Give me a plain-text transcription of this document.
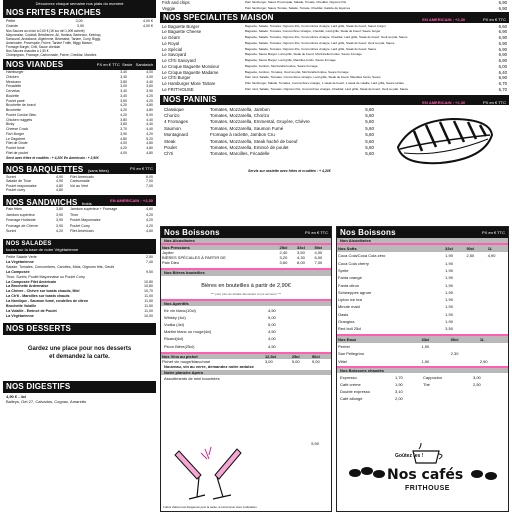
Découvrez chaque semaine nos plats du moment
NOS FRITES FRAICHES
Petite	3,00	4,00 €
Grande	3,90	4,00 €
Nos Sauces au choix à 0,60 € (1€ sur ctrl 1,00€ acheté)
Mayonnaise, Cocktail, Brésilienne, Ail, Harissa, Barbecue, Ketchup,
Samouraï, Andalouse, Algérienne, Béarnaise, Tartare, Curry, Biggy,
Americaine, Provençale, Poivre, Tartare Truffe, Biggy Maison,
Fromage Burger, Chili, Sauce cheddar
Nos Sauces chaudes à 1,50 €
Champignon, Fromage, Carbonnade, Poivre, Cheddar, Marolles
NOS VIANDES	PX en € TTC Seule Sandwich
Hamburger	3,40	4,00
Chicken	3,40	4,00
Mexicano	3,80	4,40
Fricadelle	3,00	3,60
Cervelas	3,40	3,90
Boulette	3,40	4,20
Poulet pané	3,60	4,20
Brochette de boeuf	4,20	4,80
Brochette	4,20	4,80
Poulet Cordon Bleu	4,20	5,00
Chicken nuggets	3,80	4,40
Bicky	3,80	4,40
Cheese Crock	3,70	4,40
Fish Burger	3,90	4,20
Le Dagobert	4,80	5,20
Filet de Dinde	4,00	4,80
Poulet fumé	4,20	4,80
Filet de poulet	4,00	4,80
Servi avec frites et crudités : + 4,20€ En Américain : + 2,90€
NOS BARQUETTES (sans frites)	PX en € TTC
Surimi	4,90	Filet Américain	6,00
Salade de Thon	4,90	Carbonnade	7,00
Poulet mayonnaise	4,80	Vol au Vent	7,00
Poulet curry	4,80
NOS SANDWICHS froids	EN AMERICAIN : +2,30
Pain frites	3,80	Jambon supérieur + Fromage	4,60
Jambon supérieur	3,90	Thon	4,20
Fromage Hollande	3,90	Poulet Mayonnaise	4,20
Fromage de Chèvre	3,90	Poulet Curry	4,20
Surimi	4,20	Filet Américain	4,60
NOS SALADES
toutes sur la base de notre Végétarienne
Petite Salade Verte	2,50
La Végétarienne	7,40
Salade, Tomates, Concombres, Carottes, Maïs, Oignons frits, Oeufs
La Composée	9,50
Thon, Surimi, Poulet Mayonnaise ou Poulet Curry
La Composée Filet Américain	10,80
La Brochette Ardennaise	10,80
La Chèvre - Chèvre sur toasts chauds, Miel	10,70
La Ch'ti - Maroilles sur toasts chauds	11,00
La Nordique - Saumon fumé, rondelles de citron	11,50
Brochette Volaille	11,50
La Volaille - Emincé de Poulet	11,00
La Végétarienne	10,00
NOS DESSERTS
Gardez une place pour nos desserts et demandez la carte.
NOS DIGESTIFS
4,90 € - 4cl
Baileys, Get 27, Calvados, Cognac, Amaretto
Fish and chips	Pain hamburger, Sauce Provençale, Salade, Tomate, Cheddar, Oignons frits	6,90
Veggie	Pain hamburger, Sauce Tomate, Salade, Tomate, Cheddar, Galette de légumes	6,90
NOS SPECIALITES MAISON	EN AMERICAIN : +2,30	PX en € TTC
Le Baguette Burger	Baguette, Salade, Tomates, Oignons frits, Concombres vinaigre, Lard grillé, Steak de boeuf, Sauce burger	6,60
Le Baguette Cheese	Baguette, Salade, Tomates, Concombres vinaigre, Cheddar, Lard grillé, Steak de boeuf, Sauce burger	6,90
Le Géant	Baguette, Salade, Tomates, Oignons frits, Concombres vinaigre, Cheddar, Lard grillé, Steak de boeuf, Oeuf au plat, Sauce	6,90
Le Royal	Baguette, Salade, Tomates, Oignons frits, Concombres vinaigre, Lard grillé, Steak de boeuf, Oeuf au plat, Sauce	6,90
Le Spécial	Baguette, Salade, Tomates, Oignons frits, Concombres vinaigre, Lard grillé, Steak de boeuf, Sauce	6,90
Le Savoyard	Baguette, Sauce Burger, Lard grillé, Steak de boeuf, Mozzarella fondue, Sauce fromage	6,90
Le Ch'ti Savoyard	Baguette, Sauce Burger, Lard grillé, Maroilles fondu, Sauce fromage	6,90
Le Croque Baguette Monsieur	Baguette, Jambon, Mozzarella fondue, Sauce fromage	6,00
Le Croque Baguette Madame	Baguette, Jambon, Tomates, Oeuf au plat, Mozzarella fondue, Sauce fromage	6,40
Le Ch'ti Burger	Pain rond, Salade, Tomates, Concombres vinaigre, Lard grillé, Steak de boeuf, Maroilles fondu, Sauce	6,90
Le Hamburger Mixte Tartare	Pain hamburger, Salade, Tomates, Concombres vinaigre, 1 steak de boeuf, 1 steak de volaille, Lard grillé, Sauce tartare	6,70
Le FRIT'HOUSE	Pain rond, Salade, Tomates, Oignons frits, Concombres vinaigre, Cheddar, Lard grillé, Steak de boeuf, Oeuf au plat, Sauce	6,70
NOS PANINIS	EN AMERICAIN : +2,30	PX en € TTC
Classique	Tomates, Mozzarella, Jambon	5,60
Chorizo	Tomates, Mozzarella, Chorizo	5,60
4 Fromages	Tomates, Mozzarella, Emmental, Gruyère, Chèvre	5,60
Saumon	Tomates, Mozzarella, Saumon Fumé	5,60
Montagnard	Fromage à raclette, Jambon Cru	5,60
Steak	Tomates, Mozzarella, Steak haché de boeuf	5,60
Poulet	Tomates, Mozzarella, Emincé de poulet	5,60
Ch'ti	Tomates, Maroilles, Fricadelle	5,60
Servis sur assiette avec frites et crudités : + 4,20€
Nos Boissons	PX en € TTC
Nos Alcoolisées
Nos Pressions	25cl	33cl	50cl
Jupiler	2,40	3,50	4,00
BIÈRES SPÉCIALES À PARTIR DE	3,20	4,30	6,00
Paix Dieu	3,60	6,00	7,00
Nos Bières bouteilles
Bières en bouteilles à partir de 2,90€
*** pour plus de détails demandez à nos serveurs ***
Nos Apéritifs
Kir vin blanc(10cl)	4,50
Whisky (4cl)	5,00
Vodka (4cl)	5,00
Martini blanc ou rouge(4cl)	4,50
Ricard(4cl)	4,00
Picon Bière(25cl)	4,50
Nos Vins au pichet	12,5cl	25cl	50cl
Pichet vin rouge/blanc/rosé	3,00	5,00	9,00
Nouveau, vin au verre, demandez notre ardoise
Notre planche Apéro
Assortiments de mini bouchées
5,90
L'abus d'alcool est dangereux pour la santé, à consommer avec modération.
Nos Boissons	PX en € TTC
Non Alcoolisées
Nos Softs	33cl	50cl	1L
Coca Cola/Coca Cola zéro	1,90	2,50	4,90
Coca Cola cherry	1,90		
Sprite	1,90		
Fanta orange	1,90		
Fanta citron	1,90		
Schweppes agrum	1,90		
Lipton ice tea	1,90		
Minute maid	1,90		
Oasis	1,90		
Orangina	1,90		
Red bull 25cl	3,50		
Nos Eaux	33cl	50cl	1L
Perrier	1,90		
San Pellegrino		2,30	
Vittel	1,90		2,90
Nos Boissons chaudes
Expresso	1,70	Cappucino	3,00
Café crème	1,90	Thé	2,50
Double expresso	3,10
Café allongé	2,00
Goûtez les !
Nos cafés
FRITHOUSE
